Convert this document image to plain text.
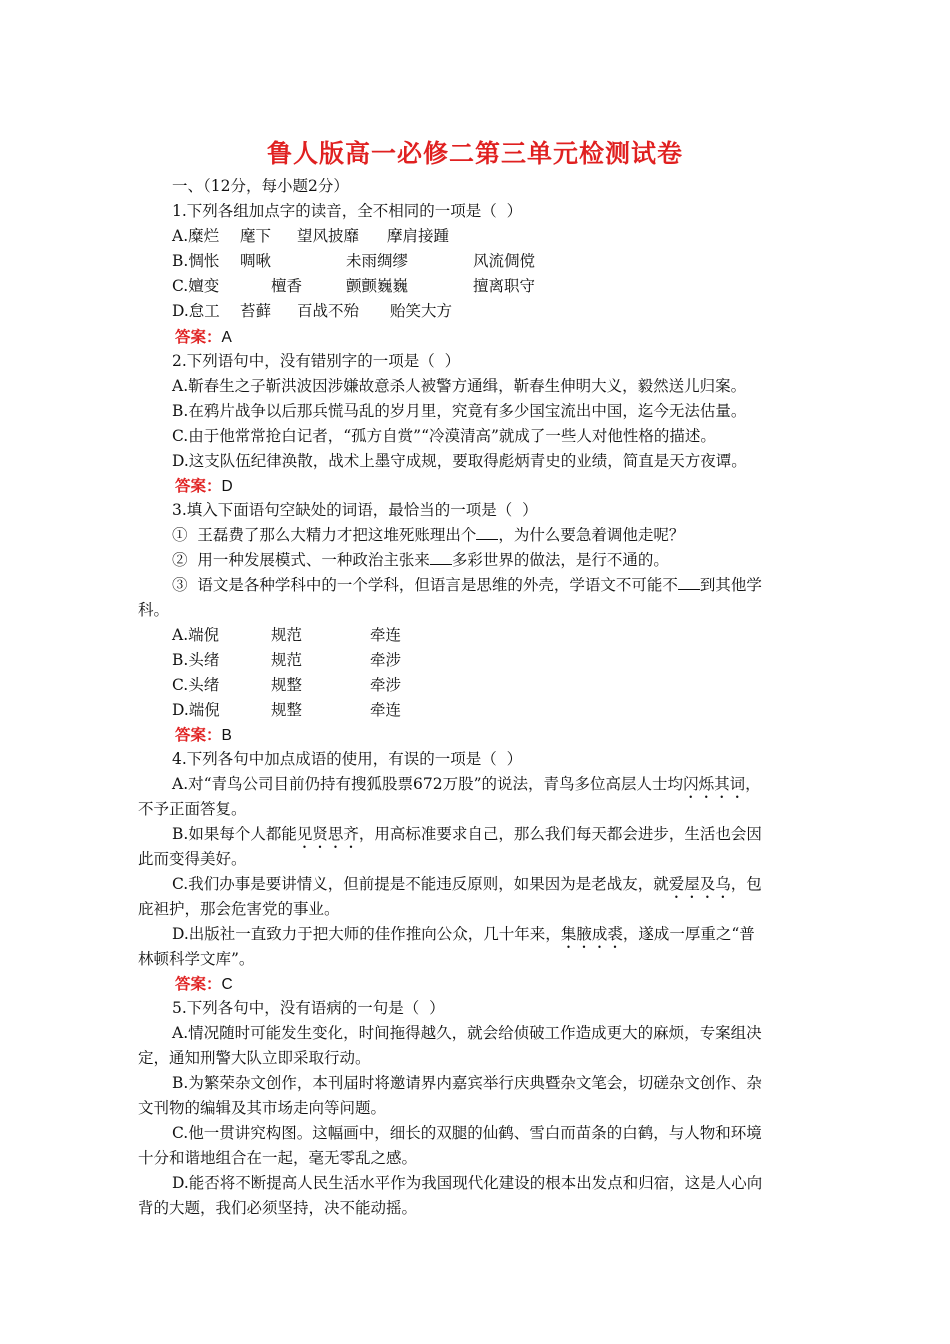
鲁人版高一必修二第三单元检测试卷
一、（12分，每小题2分）
1.下列各组加点字的读音，全不相同的一项是（  ）
A.糜烂 麾下 望风披靡 摩肩接踵
B.惆怅 啁啾	未雨绸缪	风流倜傥
C.嬗变	檀香	颤颤巍巍	擅离职守
D.怠工 苔藓 百战不殆 贻笑大方
答案：A
2.下列语句中，没有错别字的一项是（  ）
A.靳春生之子靳洪波因涉嫌故意杀人被警方通缉，靳春生伸明大义，毅然送儿归案。
B.在鸦片战争以后那兵慌马乱的岁月里，究竟有多少国宝流出中国，迄今无法估量。
C.由于他常常抢白记者，“孤方自赏”“冷漠清高”就成了一些人对他性格的描述。
D.这支队伍纪律涣散，战术上墨守成规，要取得彪炳青史的业绩，简直是天方夜谭。
答案：D
3.填入下面语句空缺处的词语，最恰当的一项是（  ）
①  王磊费了那么大精力才把这堆死账理出个 ，为什么要急着调他走呢？
②  用一种发展模式、一种政治主张来 多彩世界的做法，是行不通的。
③  语文是各种学科中的一个学科，但语言是思维的外壳，学语文不可能不 到其他学
科。
A.端倪	规范	牵连
B.头绪	规范	牵涉
C.头绪	规整	牵涉
D.端倪	规整	牵连
答案：B
4.下列各句中加点成语的使用，有误的一项是（  ）
A.对“青鸟公司目前仍持有搜狐股票672万股”的说法，青鸟多位高层人士均闪烁其词，
不予正面答复。
B.如果每个人都能见贤思齐，用高标准要求自己，那么我们每天都会进步，生活也会因
此而变得美好。
C.我们办事是要讲情义，但前提是不能违反原则，如果因为是老战友，就爱屋及乌，包
庇袒护，那会危害党的事业。
D.出版社一直致力于把大师的佳作推向公众，几十年来，集腋成裘，遂成一厚重之“普
林顿科学文库”。
答案：C
5.下列各句中，没有语病的一句是（  ）
A.情况随时可能发生变化，时间拖得越久，就会给侦破工作造成更大的麻烦，专案组决
定，通知刑警大队立即采取行动。
B.为繁荣杂文创作，本刊届时将邀请界内嘉宾举行庆典暨杂文笔会，切磋杂文创作、杂
文刊物的编辑及其市场走向等问题。
C.他一贯讲究构图。这幅画中，细长的双腿的仙鹤、雪白而苗条的白鹤，与人物和环境
十分和谐地组合在一起，毫无零乱之感。
D.能否将不断提高人民生活水平作为我国现代化建设的根本出发点和归宿，这是人心向
背的大题，我们必须坚持，决不能动摇。
